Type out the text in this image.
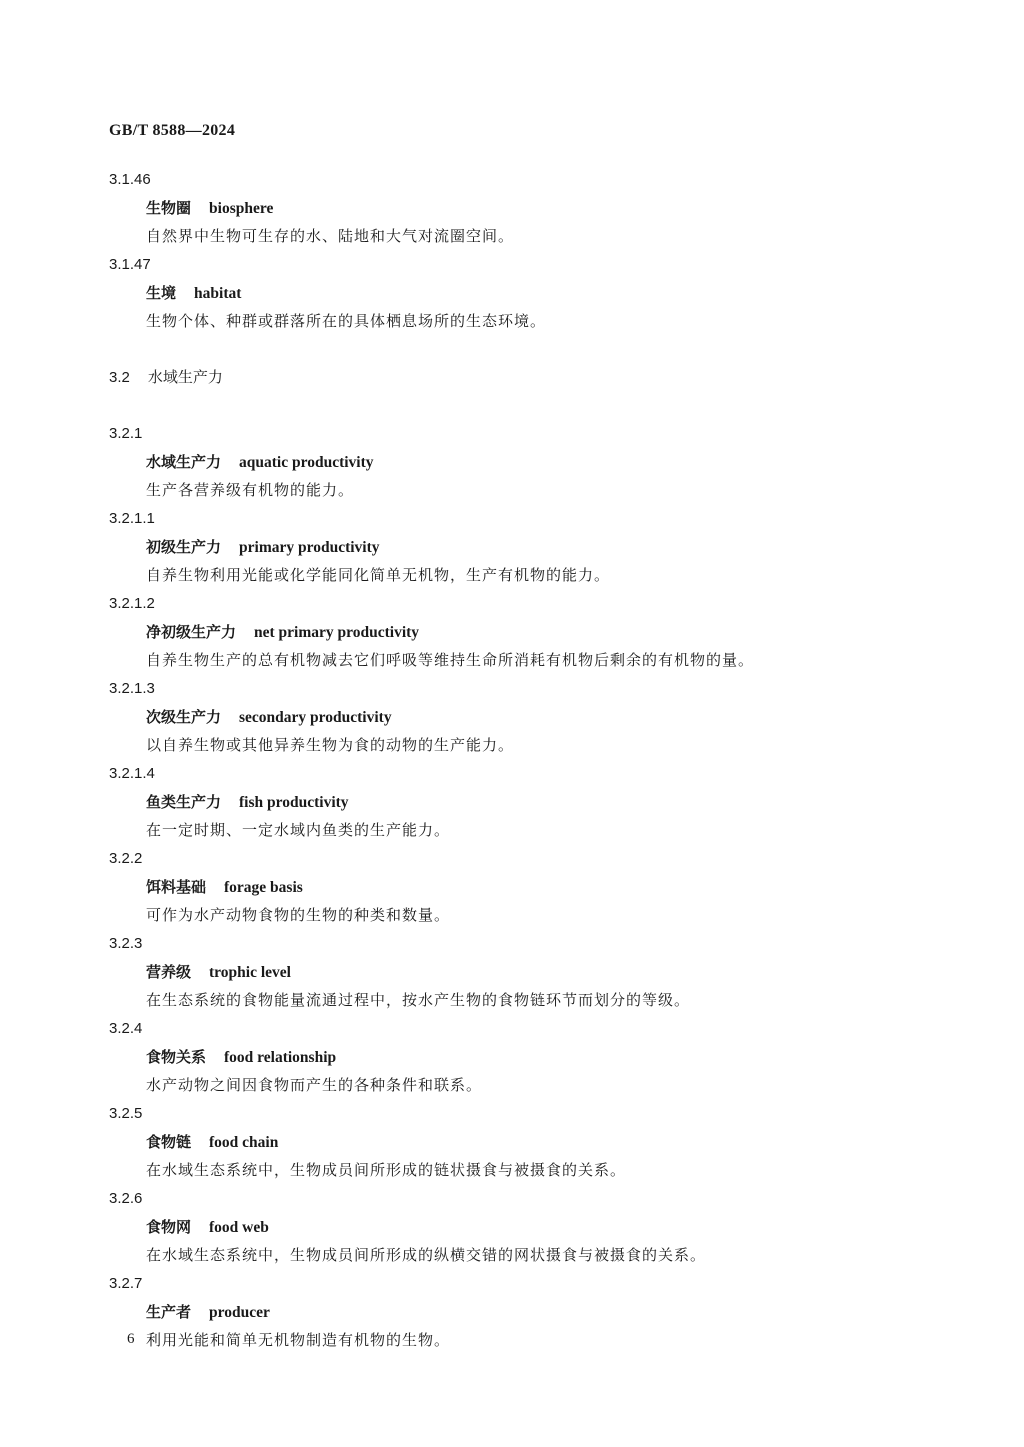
GB/T 8588—2024
3.1.46
生物圈 biosphere
自然界中生物可生存的水、陆地和大气对流圈空间。
3.1.47
生境 habitat
生物个体、种群或群落所在的具体栖息场所的生态环境。
3.2 水域生产力
3.2.1
水域生产力 aquatic productivity
生产各营养级有机物的能力。
3.2.1.1
初级生产力 primary productivity
自养生物利用光能或化学能同化简单无机物，生产有机物的能力。
3.2.1.2
净初级生产力 net primary productivity
自养生物生产的总有机物减去它们呼吸等维持生命所消耗有机物后剩余的有机物的量。
3.2.1.3
次级生产力 secondary productivity
以自养生物或其他异养生物为食的动物的生产能力。
3.2.1.4
鱼类生产力 fish productivity
在一定时期、一定水域内鱼类的生产能力。
3.2.2
饵料基础 forage basis
可作为水产动物食物的生物的种类和数量。
3.2.3
营养级 trophic level
在生态系统的食物能量流通过程中，按水产生物的食物链环节而划分的等级。
3.2.4
食物关系 food relationship
水产动物之间因食物而产生的各种条件和联系。
3.2.5
食物链 food chain
在水域生态系统中，生物成员间所形成的链状摄食与被摄食的关系。
3.2.6
食物网 food web
在水域生态系统中，生物成员间所形成的纵横交错的网状摄食与被摄食的关系。
3.2.7
生产者 producer
利用光能和简单无机物制造有机物的生物。
6
